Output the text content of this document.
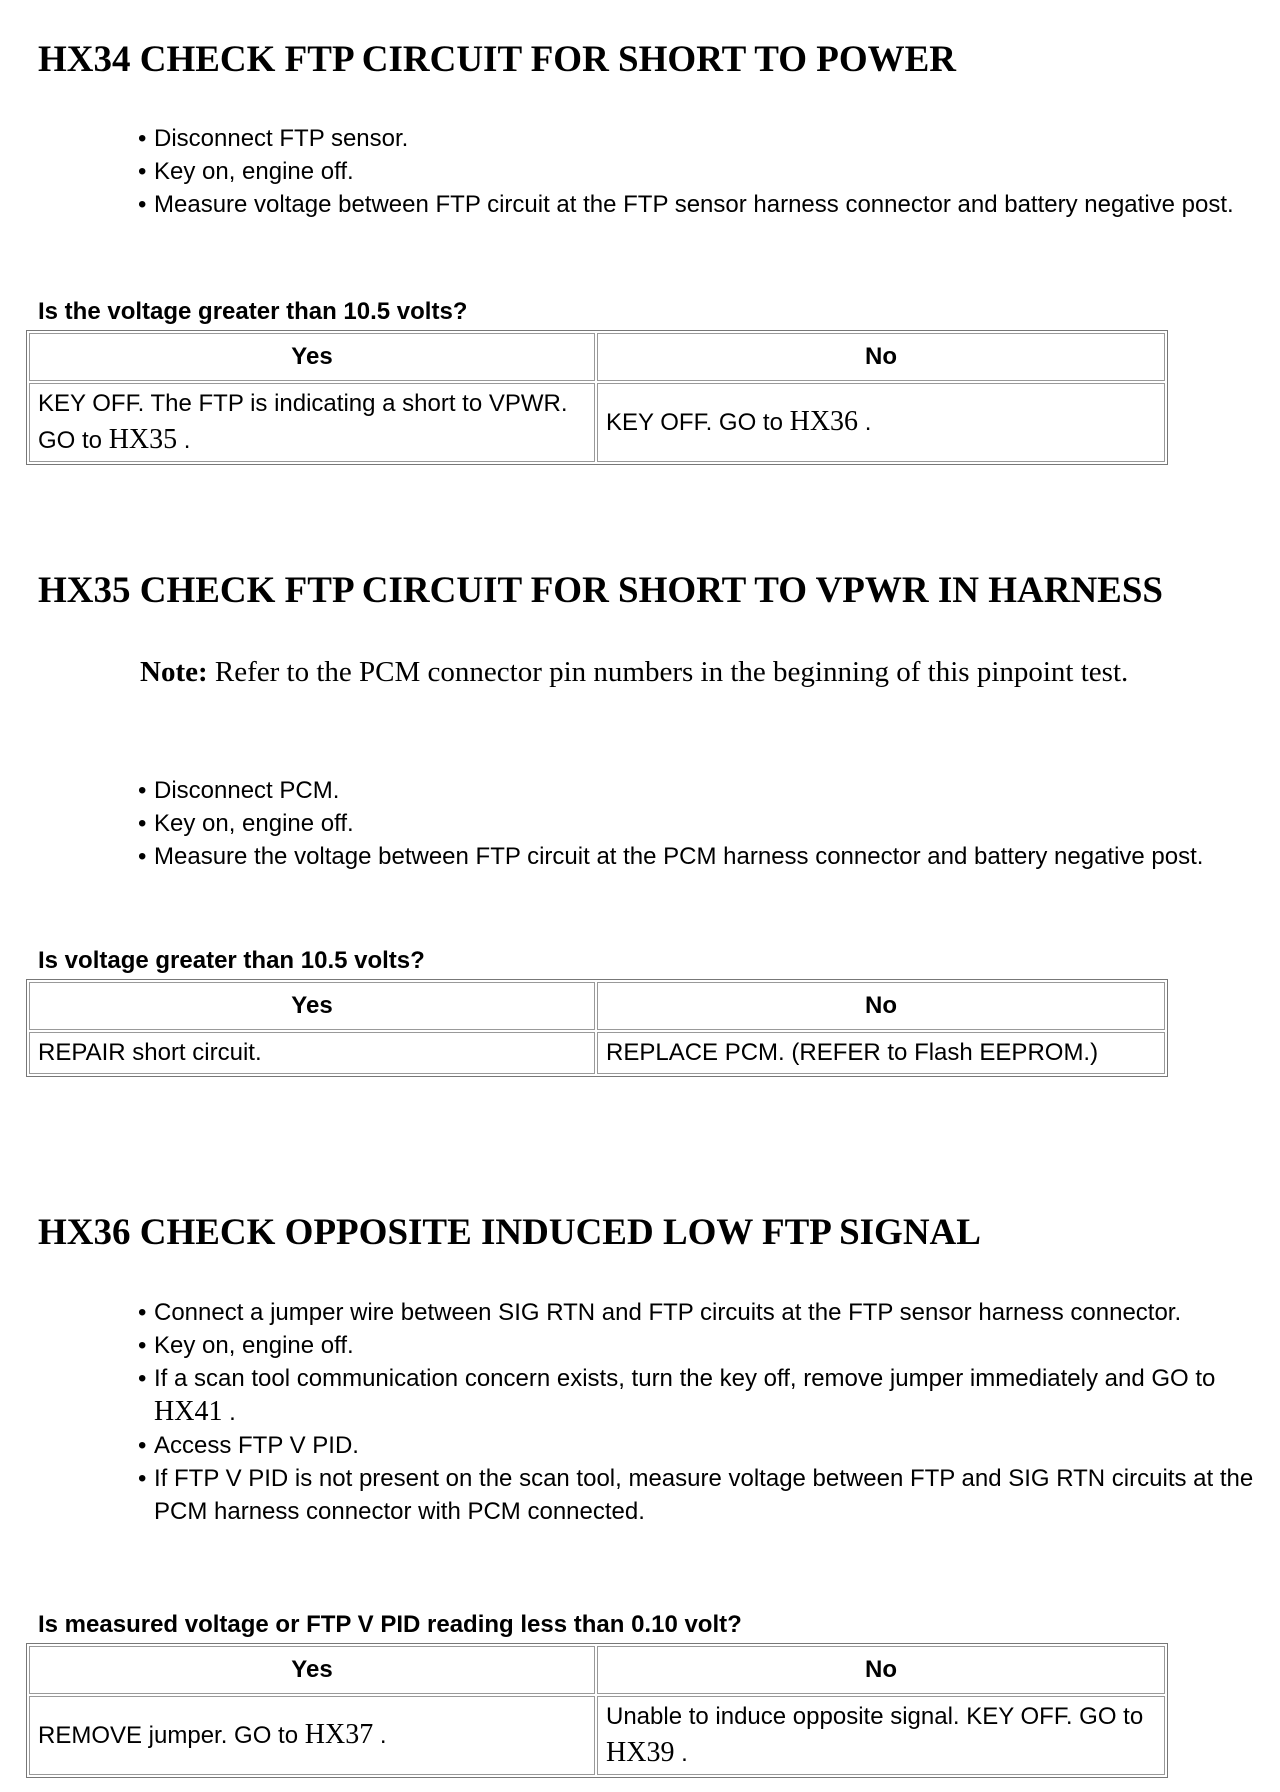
HX34 CHECK FTP CIRCUIT FOR SHORT TO POWER
• Disconnect FTP sensor.
• Key on, engine off.
• Measure voltage between FTP circuit at the FTP sensor harness connector and battery negative post.

Is the voltage greater than 10.5 volts?

Yes	No
KEY OFF. The FTP is indicating a short to VPWR. GO to HX35 .	KEY OFF. GO to HX36 .
HX35 CHECK FTP CIRCUIT FOR SHORT TO VPWR IN HARNESS

Note: Refer to the PCM connector pin numbers in the beginning of this pinpoint test.

• Disconnect PCM.
• Key on, engine off.
• Measure the voltage between FTP circuit at the PCM harness connector and battery negative post.

Is voltage greater than 10.5 volts?

Yes	No
REPAIR short circuit.	REPLACE PCM. (REFER to Flash EEPROM.)
HX36 CHECK OPPOSITE INDUCED LOW FTP SIGNAL
• Connect a jumper wire between SIG RTN and FTP circuits at the FTP sensor harness connector.
• Key on, engine off.
• If a scan tool communication concern exists, turn the key off, remove jumper immediately and GO to HX41 .
• Access FTP V PID.
• If FTP V PID is not present on the scan tool, measure voltage between FTP and SIG RTN circuits at the PCM harness connector with PCM connected.

Is measured voltage or FTP V PID reading less than 0.10 volt?

Yes	No
REMOVE jumper. GO to HX37 .	Unable to induce opposite signal. KEY OFF. GO to HX39 .
